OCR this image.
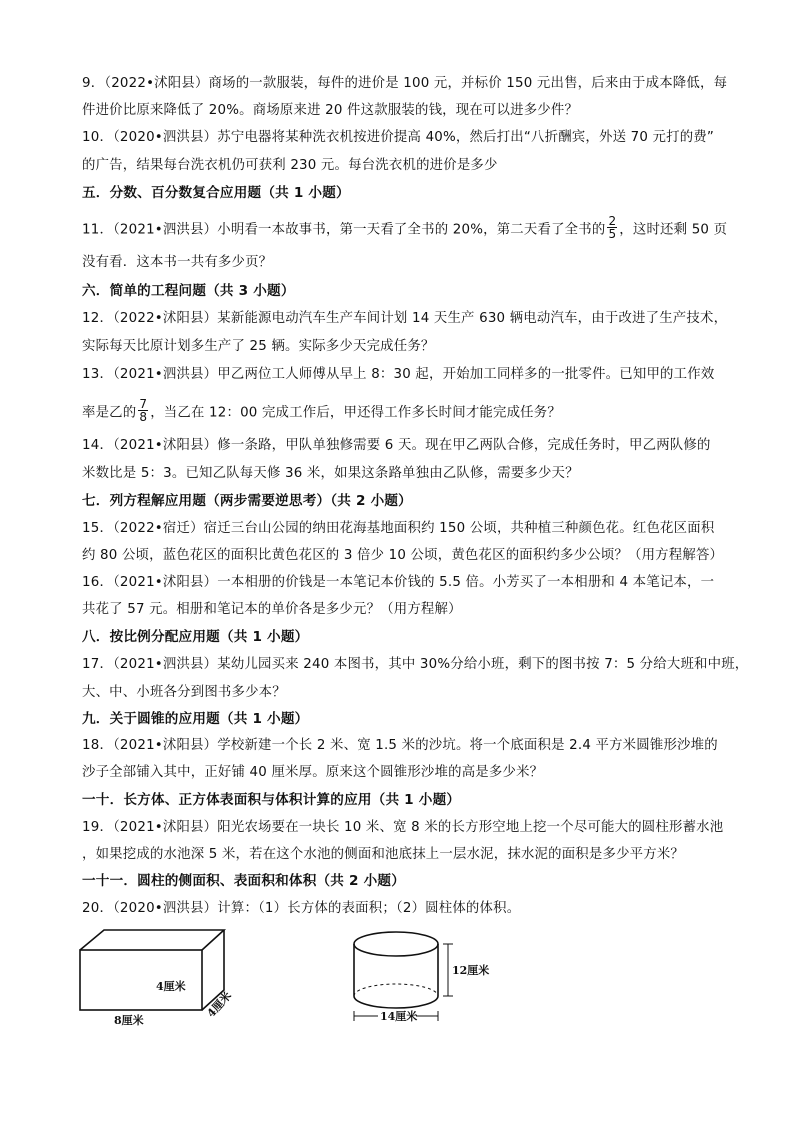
9．（2022•沭阳县）商场的一款服装，每件的进价是 100 元，并标价 150 元出售，后来由于成本降低，每
件进价比原来降低了 20%。商场原来进 20 件这款服装的钱，现在可以进多少件？
10．（2020•泗洪县）苏宁电器将某种洗衣机按进价提高 40%，然后打出“八折酬宾，外送 70 元打的费”
的广告，结果每台洗衣机仍可获利 230 元。每台洗衣机的进价是多少
五．分数、百分数复合应用题（共 1 小题）
11．（2021•泗洪县）小明看一本故事书，第一天看了全书的 20%，第二天看了全书的 $\frac{2}{5}$ ，这时还剩 50 页
没有看．这本书一共有多少页？
六．简单的工程问题（共 3 小题）
12．（2022•沭阳县）某新能源电动汽车生产车间计划 14 天生产 630 辆电动汽车，由于改进了生产技术，
实际每天比原计划多生产了 25 辆。实际多少天完成任务？
13．（2021•泗洪县）甲乙两位工人师傅从早上 8：30 起，开始加工同样多的一批零件。已知甲的工作效
率是乙的 $\frac{7}{8}$ ，当乙在 12：00 完成工作后，甲还得工作多长时间才能完成任务？
14．（2021•沭阳县）修一条路，甲队单独修需要 6 天。现在甲乙两队合修，完成任务时，甲乙两队修的
米数比是 5：3。已知乙队每天修 36 米，如果这条路单独由乙队修，需要多少天？
七．列方程解应用题（两步需要逆思考）（共 2 小题）
15．（2022•宿迁）宿迁三台山公园的纳田花海基地面积约 150 公顷，共种植三种颜色花。红色花区面积
约 80 公顷，蓝色花区的面积比黄色花区的 3 倍少 10 公顷，黄色花区的面积约多少公顷？（用方程解答）
16．（2021•沭阳县）一本相册的价钱是一本笔记本价钱的 5.5 倍。小芳买了一本相册和 4 本笔记本，一
共花了 57 元。相册和笔记本的单价各是多少元？（用方程解）
八．按比例分配应用题（共 1 小题）
17．（2021•泗洪县）某幼儿园买来 240 本图书，其中 30%分给小班，剩下的图书按 7：5 分给大班和中班，
大、中、小班各分到图书多少本？
九．关于圆锥的应用题（共 1 小题）
18．（2021•沭阳县）学校新建一个长 2 米、宽 1.5 米的沙坑。将一个底面积是 2.4 平方米圆锥形沙堆的
沙子全部铺入其中，正好铺 40 厘米厚。原来这个圆锥形沙堆的高是多少米？
一十．长方体、正方体表面积与体积计算的应用（共 1 小题）
19．（2021•沭阳县）阳光农场要在一块长 10 米、宽 8 米的长方形空地上挖一个尽可能大的圆柱形蓄水池
，如果挖成的水池深 5 米，若在这个水池的侧面和池底抹上一层水泥，抹水泥的面积是多少平方米？
一十一．圆柱的侧面积、表面积和体积（共 2 小题）
20．（2020•泗洪县）计算：（1）长方体的表面积；（2）圆柱体的体积。
4厘米
8厘米
4厘米
12厘米
14厘米
